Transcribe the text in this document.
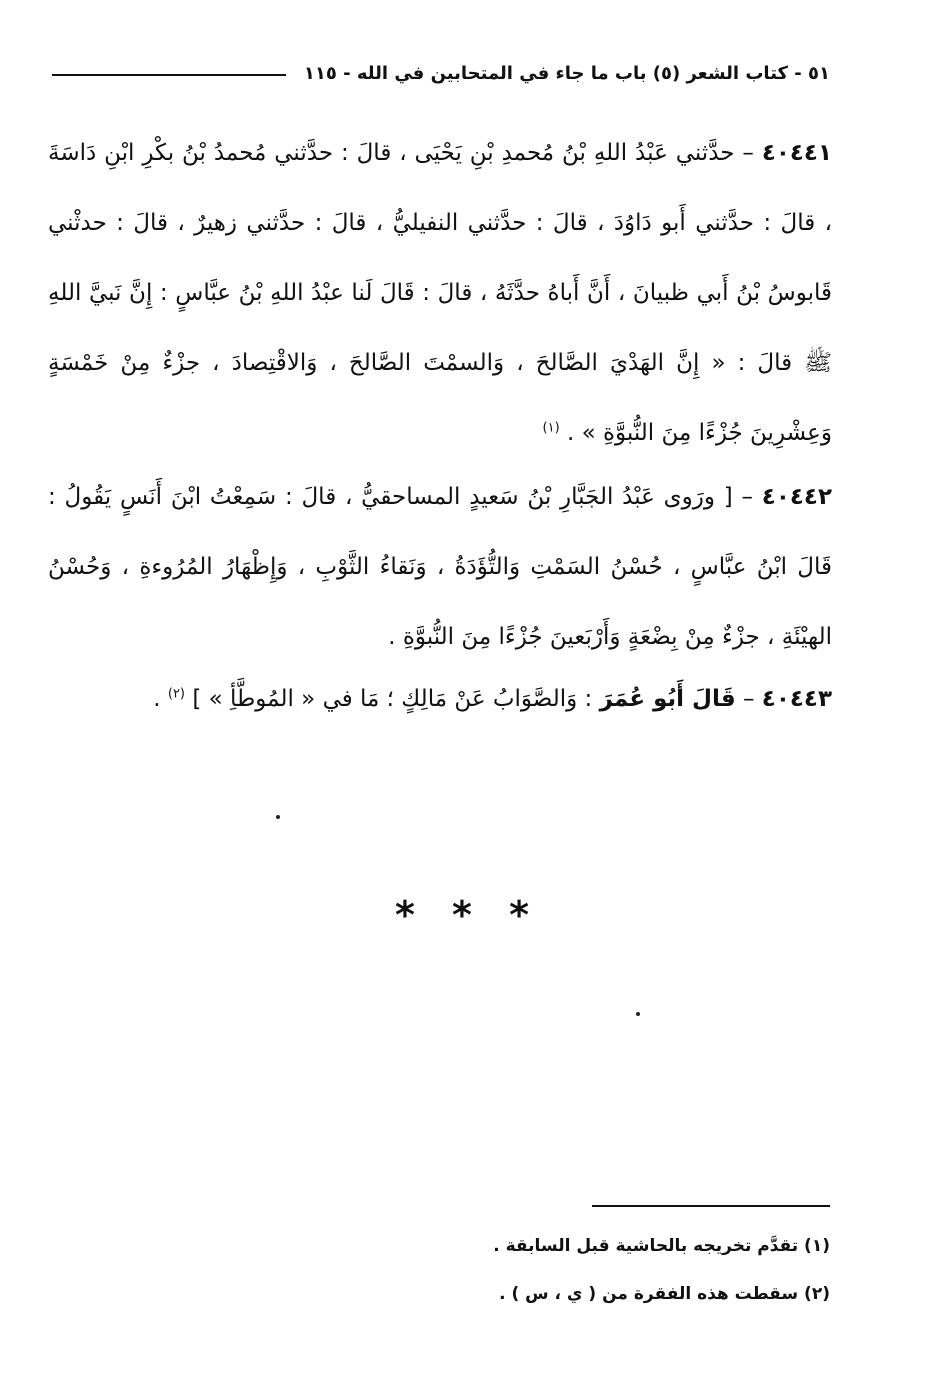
٥١ - كتاب الشعر (٥) باب ما جاء في المتحابين في الله - ١١٥

٤٠٤٤١ – حدَّثني عَبْدُ اللهِ بْنُ مُحمدِ بْنِ يَحْيَى ، قالَ : حدَّثني مُحمدُ بْنُ بكْرِ ابْنِ دَاسَةَ ، قالَ : حدَّثني أَبو دَاوُدَ ، قالَ : حدَّثني النفيليُّ ، قالَ : حدَّثني زهيرٌ ، قالَ : حدثْني قَابوسُ بْنُ أَبي ظبيانَ ، أَنَّ أَباهُ حدَّثَهُ ، قالَ : قَالَ لَنا عبْدُ اللهِ بْنُ عبَّاسٍ : إِنَّ نَبيَّ اللهِ ﷺ قالَ : « إِنَّ الهَدْيَ الصَّالحَ ، وَالسمْتَ الصَّالحَ ، وَالاقْتِصادَ ، جزْءٌ مِنْ خَمْسَةٍ وَعِشْرِينَ جُزْءًا مِنَ النُّبوَّةِ » . $^{(١)}$

٤٠٤٤٢ – [ ورَوى عَبْدُ الجَبَّارِ بْنُ سَعيدٍ المساحقيُّ ، قالَ : سَمِعْتُ ابْنَ أَنَسٍ يَقُولُ : قَالَ ابْنُ عبَّاسٍ ، حُسْنُ السَمْتِ وَالتُّؤَدَةُ ، وَنَقاءُ الثَّوْبِ ، وَإِظْهَارُ المُرُوءةِ ، وَحُسْنُ الهيْئَةِ ، جزْءٌ مِنْ بِضْعَةٍ وَأَرْبَعينَ جُزْءًا مِنَ النُّبوَّةِ .

٤٠٤٤٣ – قَالَ أَبُو عُمَرَ : وَالصَّوَابُ عَنْ مَالِكٍ ؛ مَا في « المُوطَّأِ » ] $^{(٢)}$ .

* * *
(١) تقدَّم تخريجه بالحاشية قبل السابقة .
(٢) سقطت هذه الفقرة من ( ي ، س ) .
